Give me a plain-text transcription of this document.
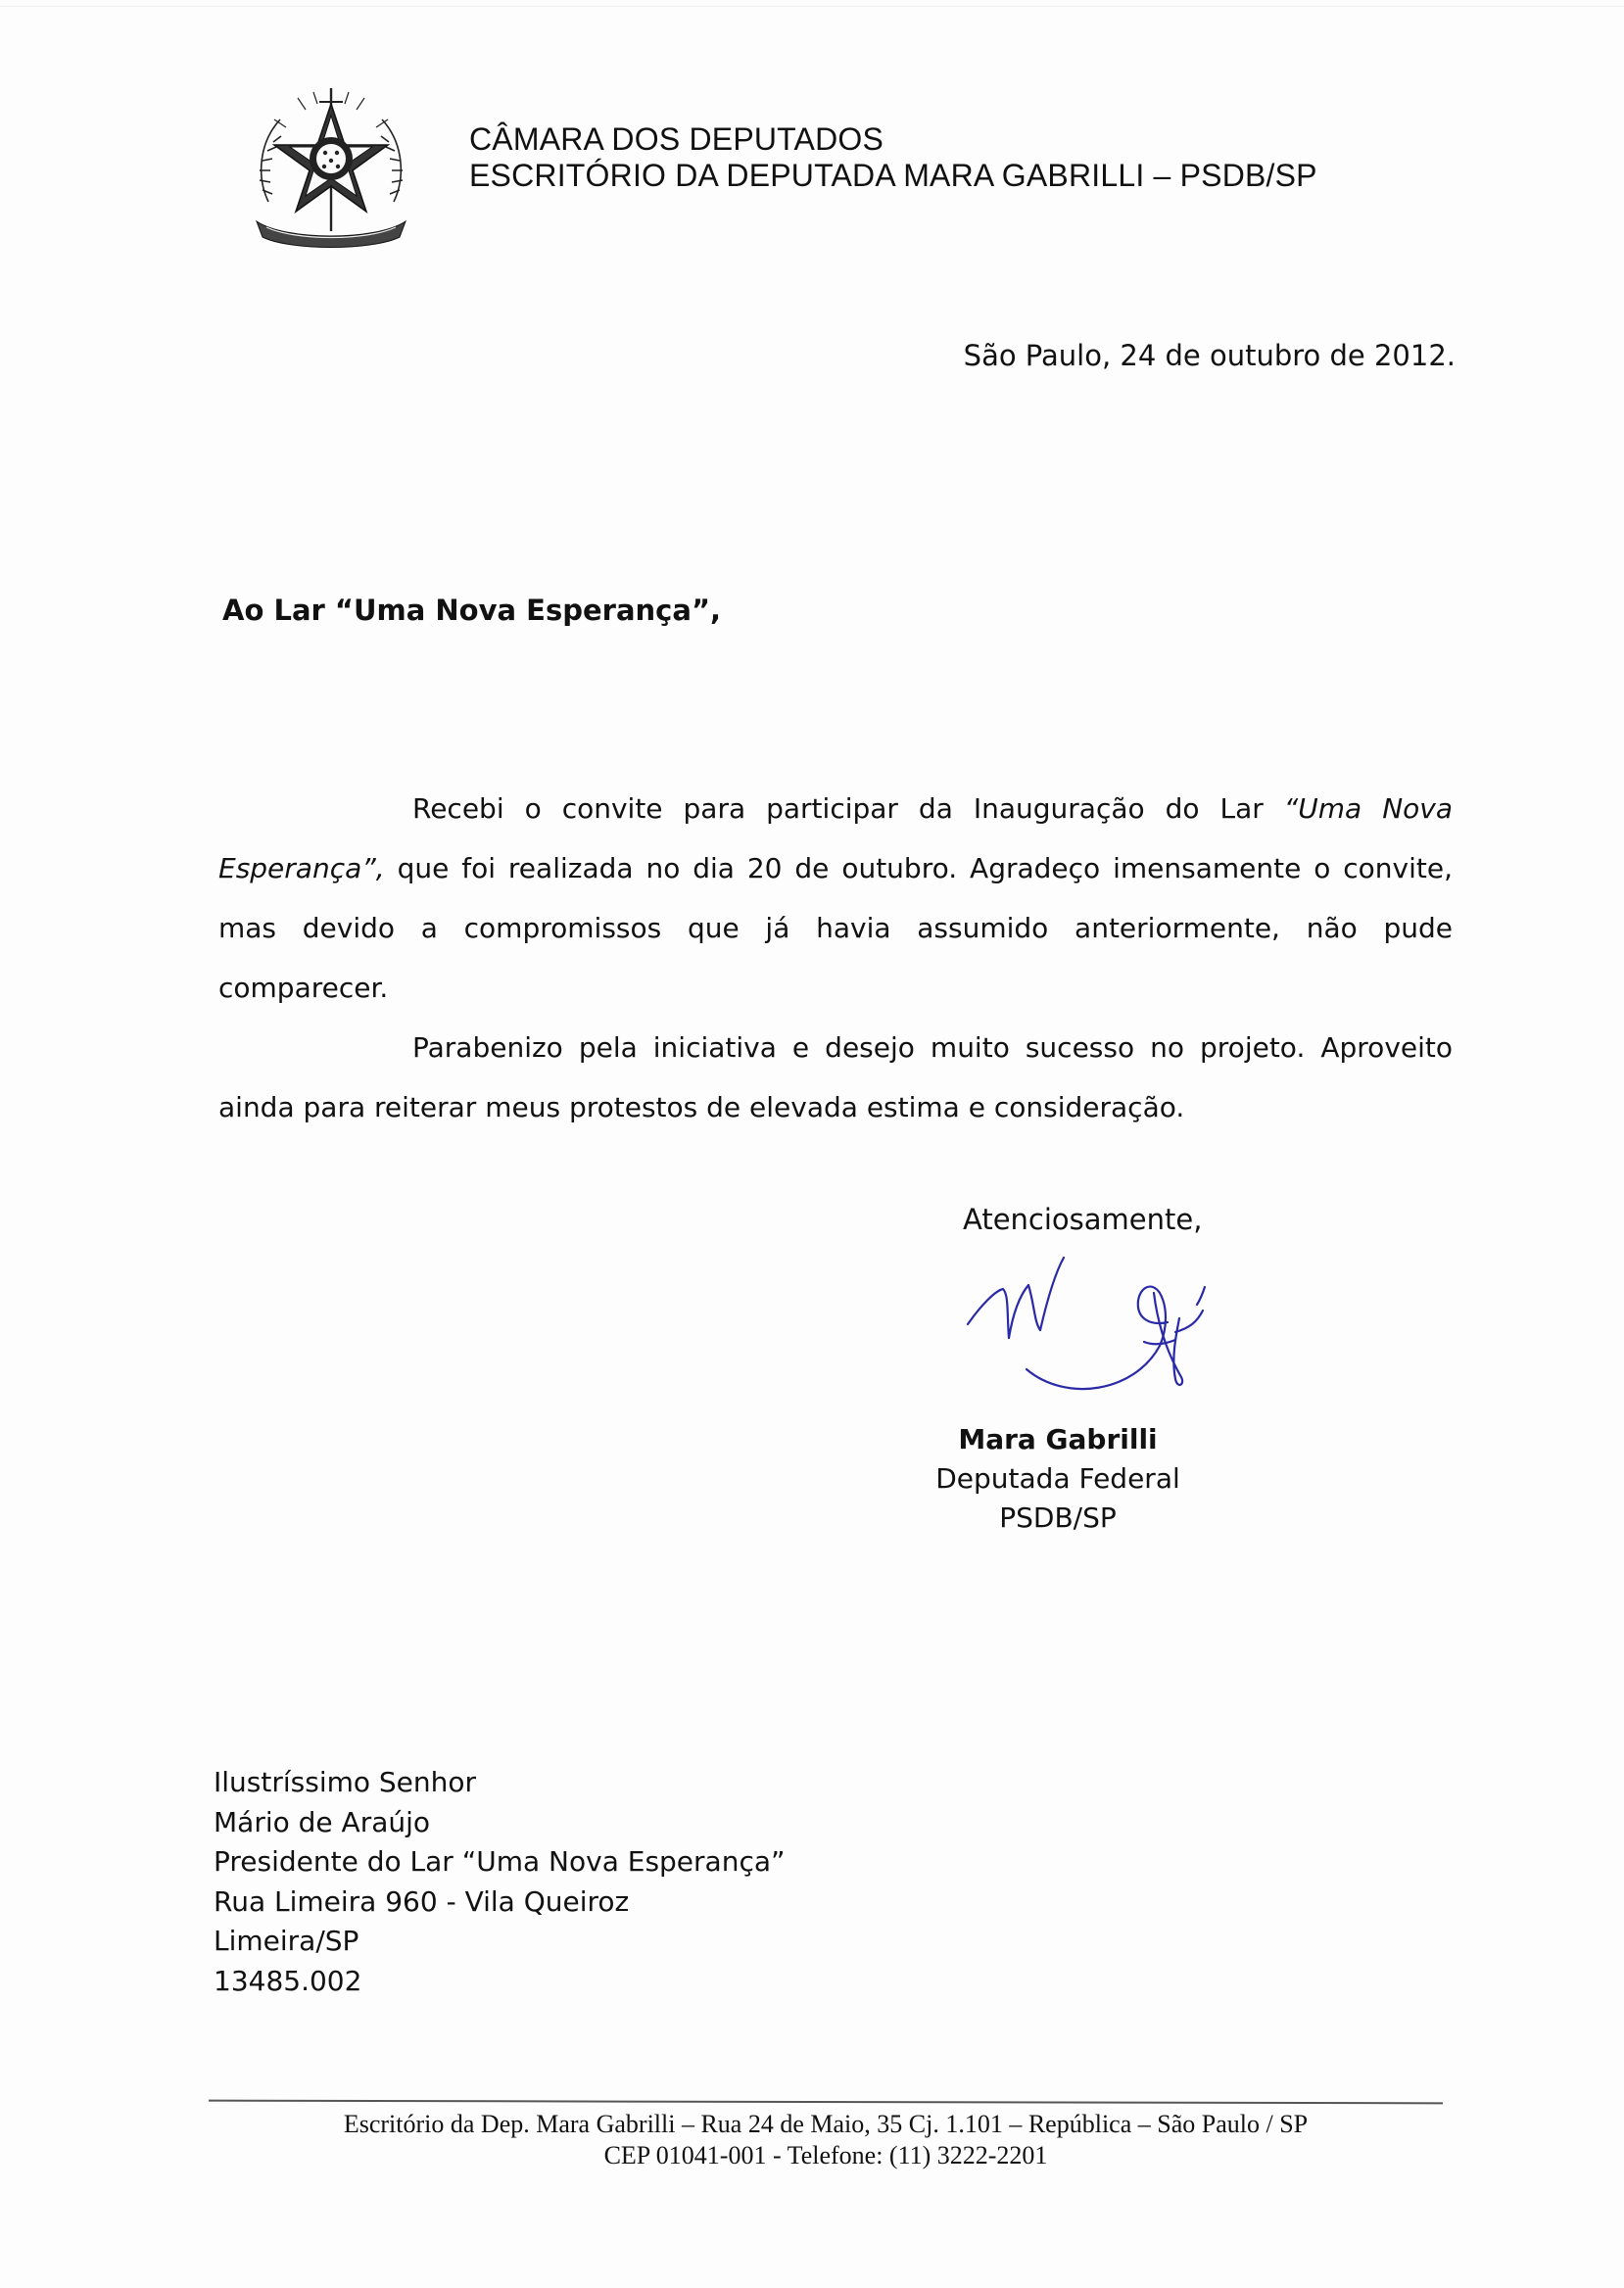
CÂMARA DOS DEPUTADOS
ESCRITÓRIO DA DEPUTADA MARA GABRILLI – PSDB/SP
São Paulo, 24 de outubro de 2012.
Ao Lar “Uma Nova Esperança”,

Recebi o convite para participar da Inauguração do Lar “Uma Nova Esperança”, que foi realizada no dia 20 de outubro. Agradeço imensamente o convite, mas devido a compromissos que já havia assumido anteriormente, não pude comparecer.

Parabenizo pela iniciativa e desejo muito sucesso no projeto. Aproveito ainda para reiterar meus protestos de elevada estima e consideração.

Atenciosamente,
Mara Gabrilli
Deputada Federal
PSDB/SP
Ilustríssimo Senhor
Mário de Araújo
Presidente do Lar “Uma Nova Esperança”
Rua Limeira 960 - Vila Queiroz
Limeira/SP
13485.002
Escritório da Dep. Mara Gabrilli – Rua 24 de Maio, 35 Cj. 1.101 – República – São Paulo / SP
CEP 01041-001 - Telefone: (11) 3222-2201
